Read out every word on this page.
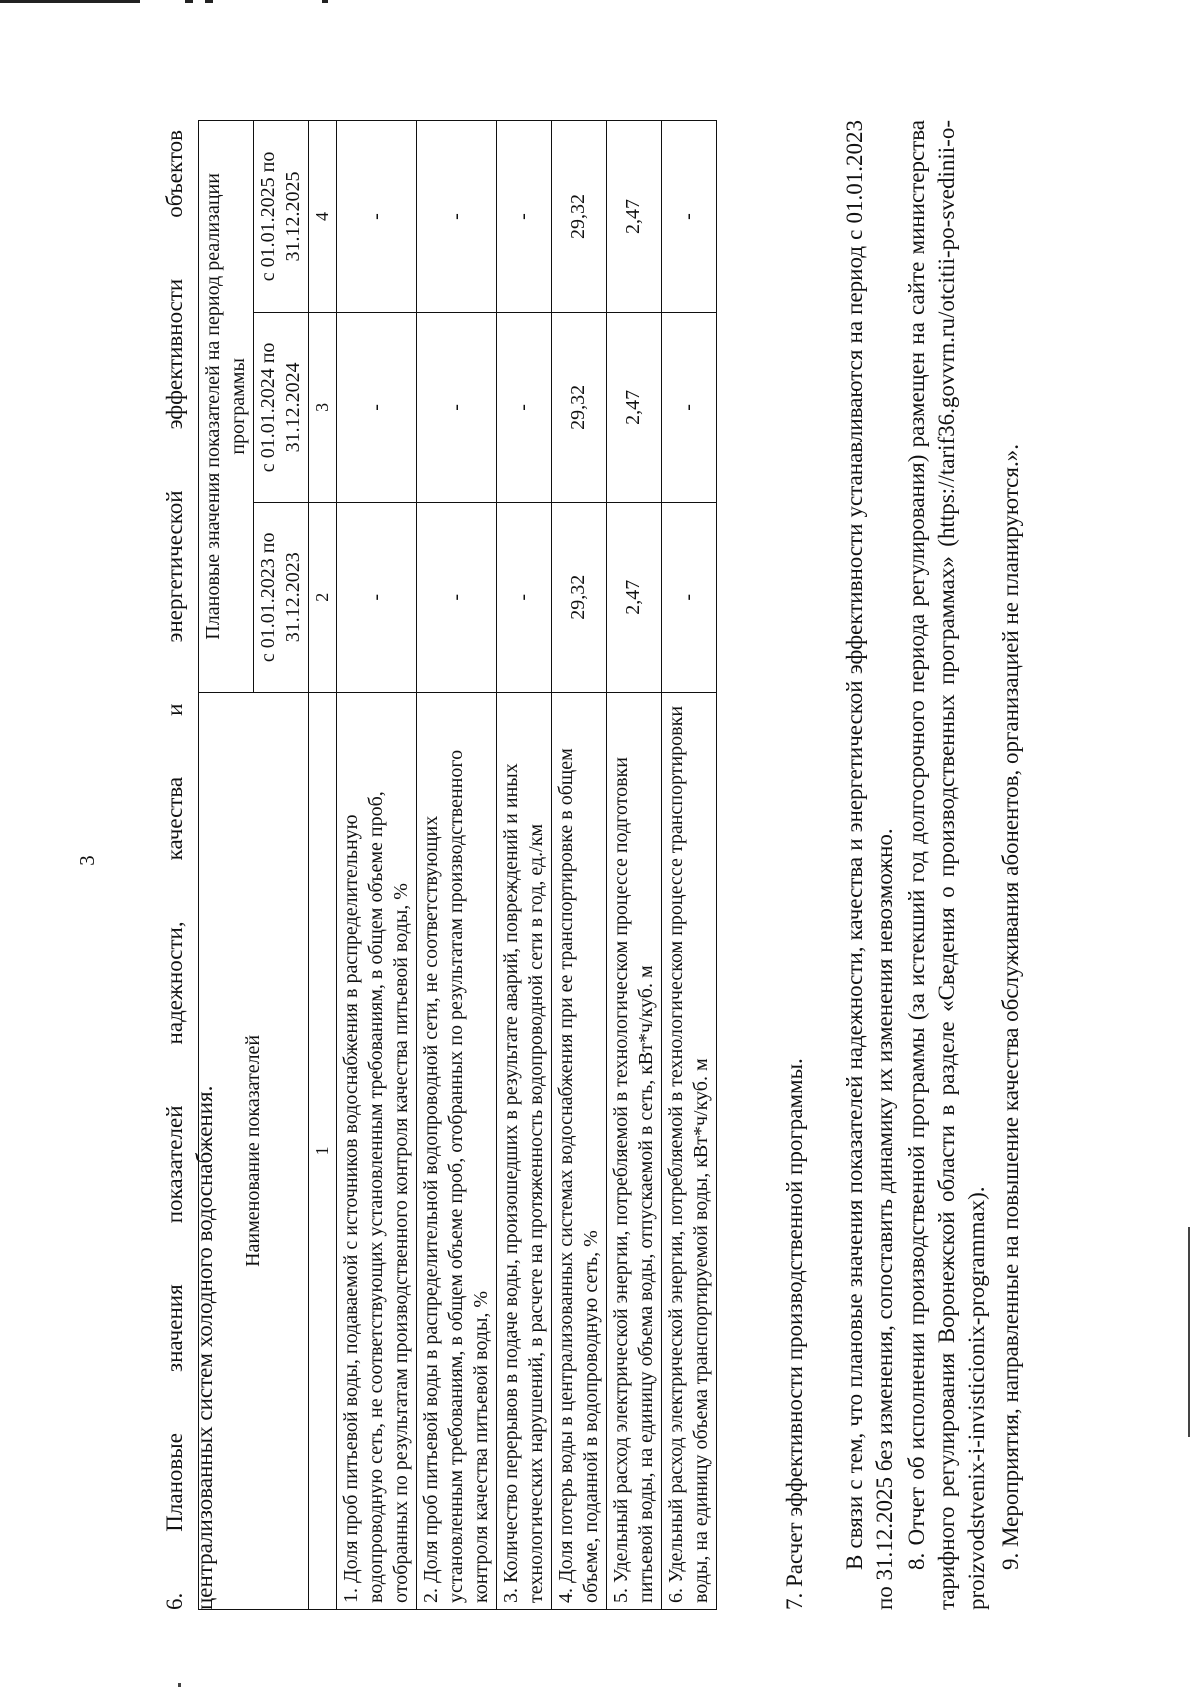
3	6. Плановые значения показателей надежности, качества и энергетической эффективности объектов централизованных систем холодного водоснабжения. Наименование показателей	Плановые значения показателей на период реализации программы		
	с 01.01.2023 по 31.12.2023	с 01.01.2024 по 31.12.2024	с 01.01.2025 по 31.12.2025
1	2	3	4
1. Доля проб питьевой воды, подаваемой с источников водоснабжения в распределительную водопроводную сеть, не соответствующих установленным требованиям, в общем объеме проб, отобранных по результатам производственного контроля качества питьевой воды, %	-	-	-
2. Доля проб питьевой воды в распределительной водопроводной сети, не соответствующих установленным требованиям, в общем объеме проб, отобранных по результатам производственного контроля качества питьевой воды, %	-	-	-
3. Количество перерывов в подаче воды, произошедших в результате аварий, повреждений и иных технологических нарушений, в расчете на протяженность водопроводной сети в год, ед./км	-	-	-
4. Доля потерь воды в централизованных системах водоснабжения при ее транспортировке в общем объеме, поданной в водопроводную сеть, %	29,32	29,32	29,32
5. Удельный расход электрической энергии, потребляемой в технологическом процессе подготовки питьевой воды, на единицу объема воды, отпускаемой в сеть, кВт*ч/куб. м	2,47	2,47	2,47
6. Удельный расход электрической энергии, потребляемой в технологическом процессе транспортировки воды, на единицу объема транспортируемой воды, кВт*ч/куб. м	-	-	-
7. Расчет эффективности производственной программы. В связи с тем, что плановые значения показателей надежности, качества и энергетической эффективности устанавливаются на период с 01.01.2023 по 31.12.2025 без изменения, сопоставить динамику их изменения невозможно. 8. Отчет об исполнении производственной программы (за истекший год долгосрочного периода регулирования) размещен на сайте министерства тарифного регулирования Воронежской области в разделе «Сведения о производственных программах» (https://tarif36.govvrn.ru/otcitii-po-svedinii-o-proizvodstvenix-i-invisticionix-programmax). 9. Мероприятия, направленные на повышение качества обслуживания абонентов, организацией не планируются.».
